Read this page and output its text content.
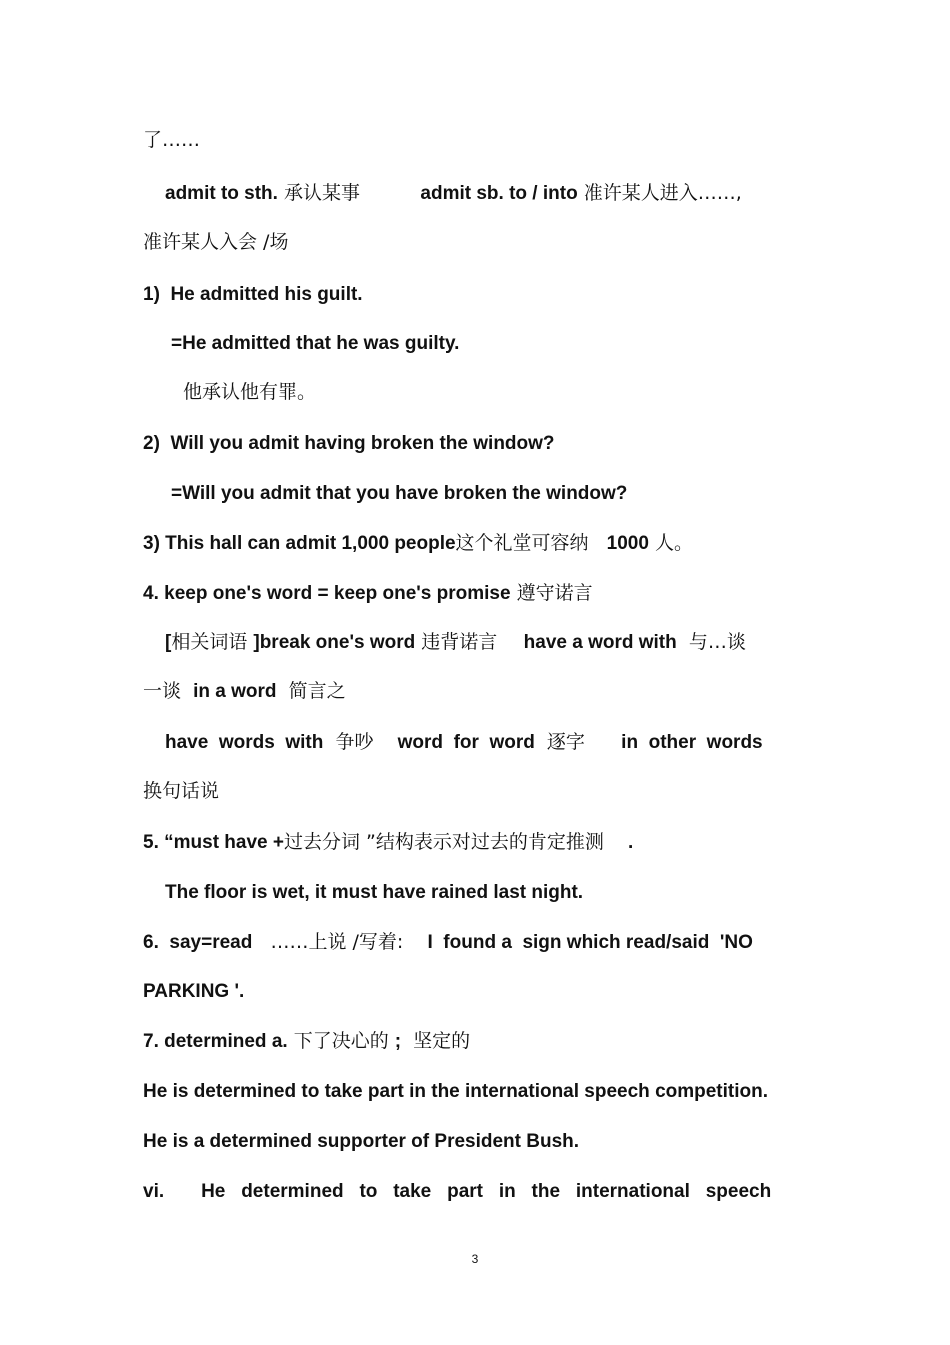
了……
admit to sth. 承认某事	admit sb. to / into 准许某人进入……,
准许某人入会 /场
1)  He admitted his guilt.
=He admitted that he was guilty.
他承认他有罪。
2)  Will you admit having broken the window?
=Will you admit that you have broken the window?
3) This hall can admit 1,000 people这个礼堂可容纳   1000 人。
4. keep one's word = keep one's promise 遵守诺言
[相关词语 ]break one's word 违背诺言     have a word with  与…谈
一谈  in a word  简言之
have  words  with  争吵    word  for  word  逐字      in  other  words
换句话说
5. “must have +过去分词 ”结构表示对过去的肯定推测    .
The floor is wet, it must have rained last night.
6.  say=read   ……上说 /写着:    I  found a  sign which read/said  'NO
PARKING '.
7. determined a. 下了决心的 ;  坚定的
He is determined to take part in the international speech competition.
He is a determined supporter of President Bush.
vi.       He   determined   to   take   part   in   the   international   speech
3
